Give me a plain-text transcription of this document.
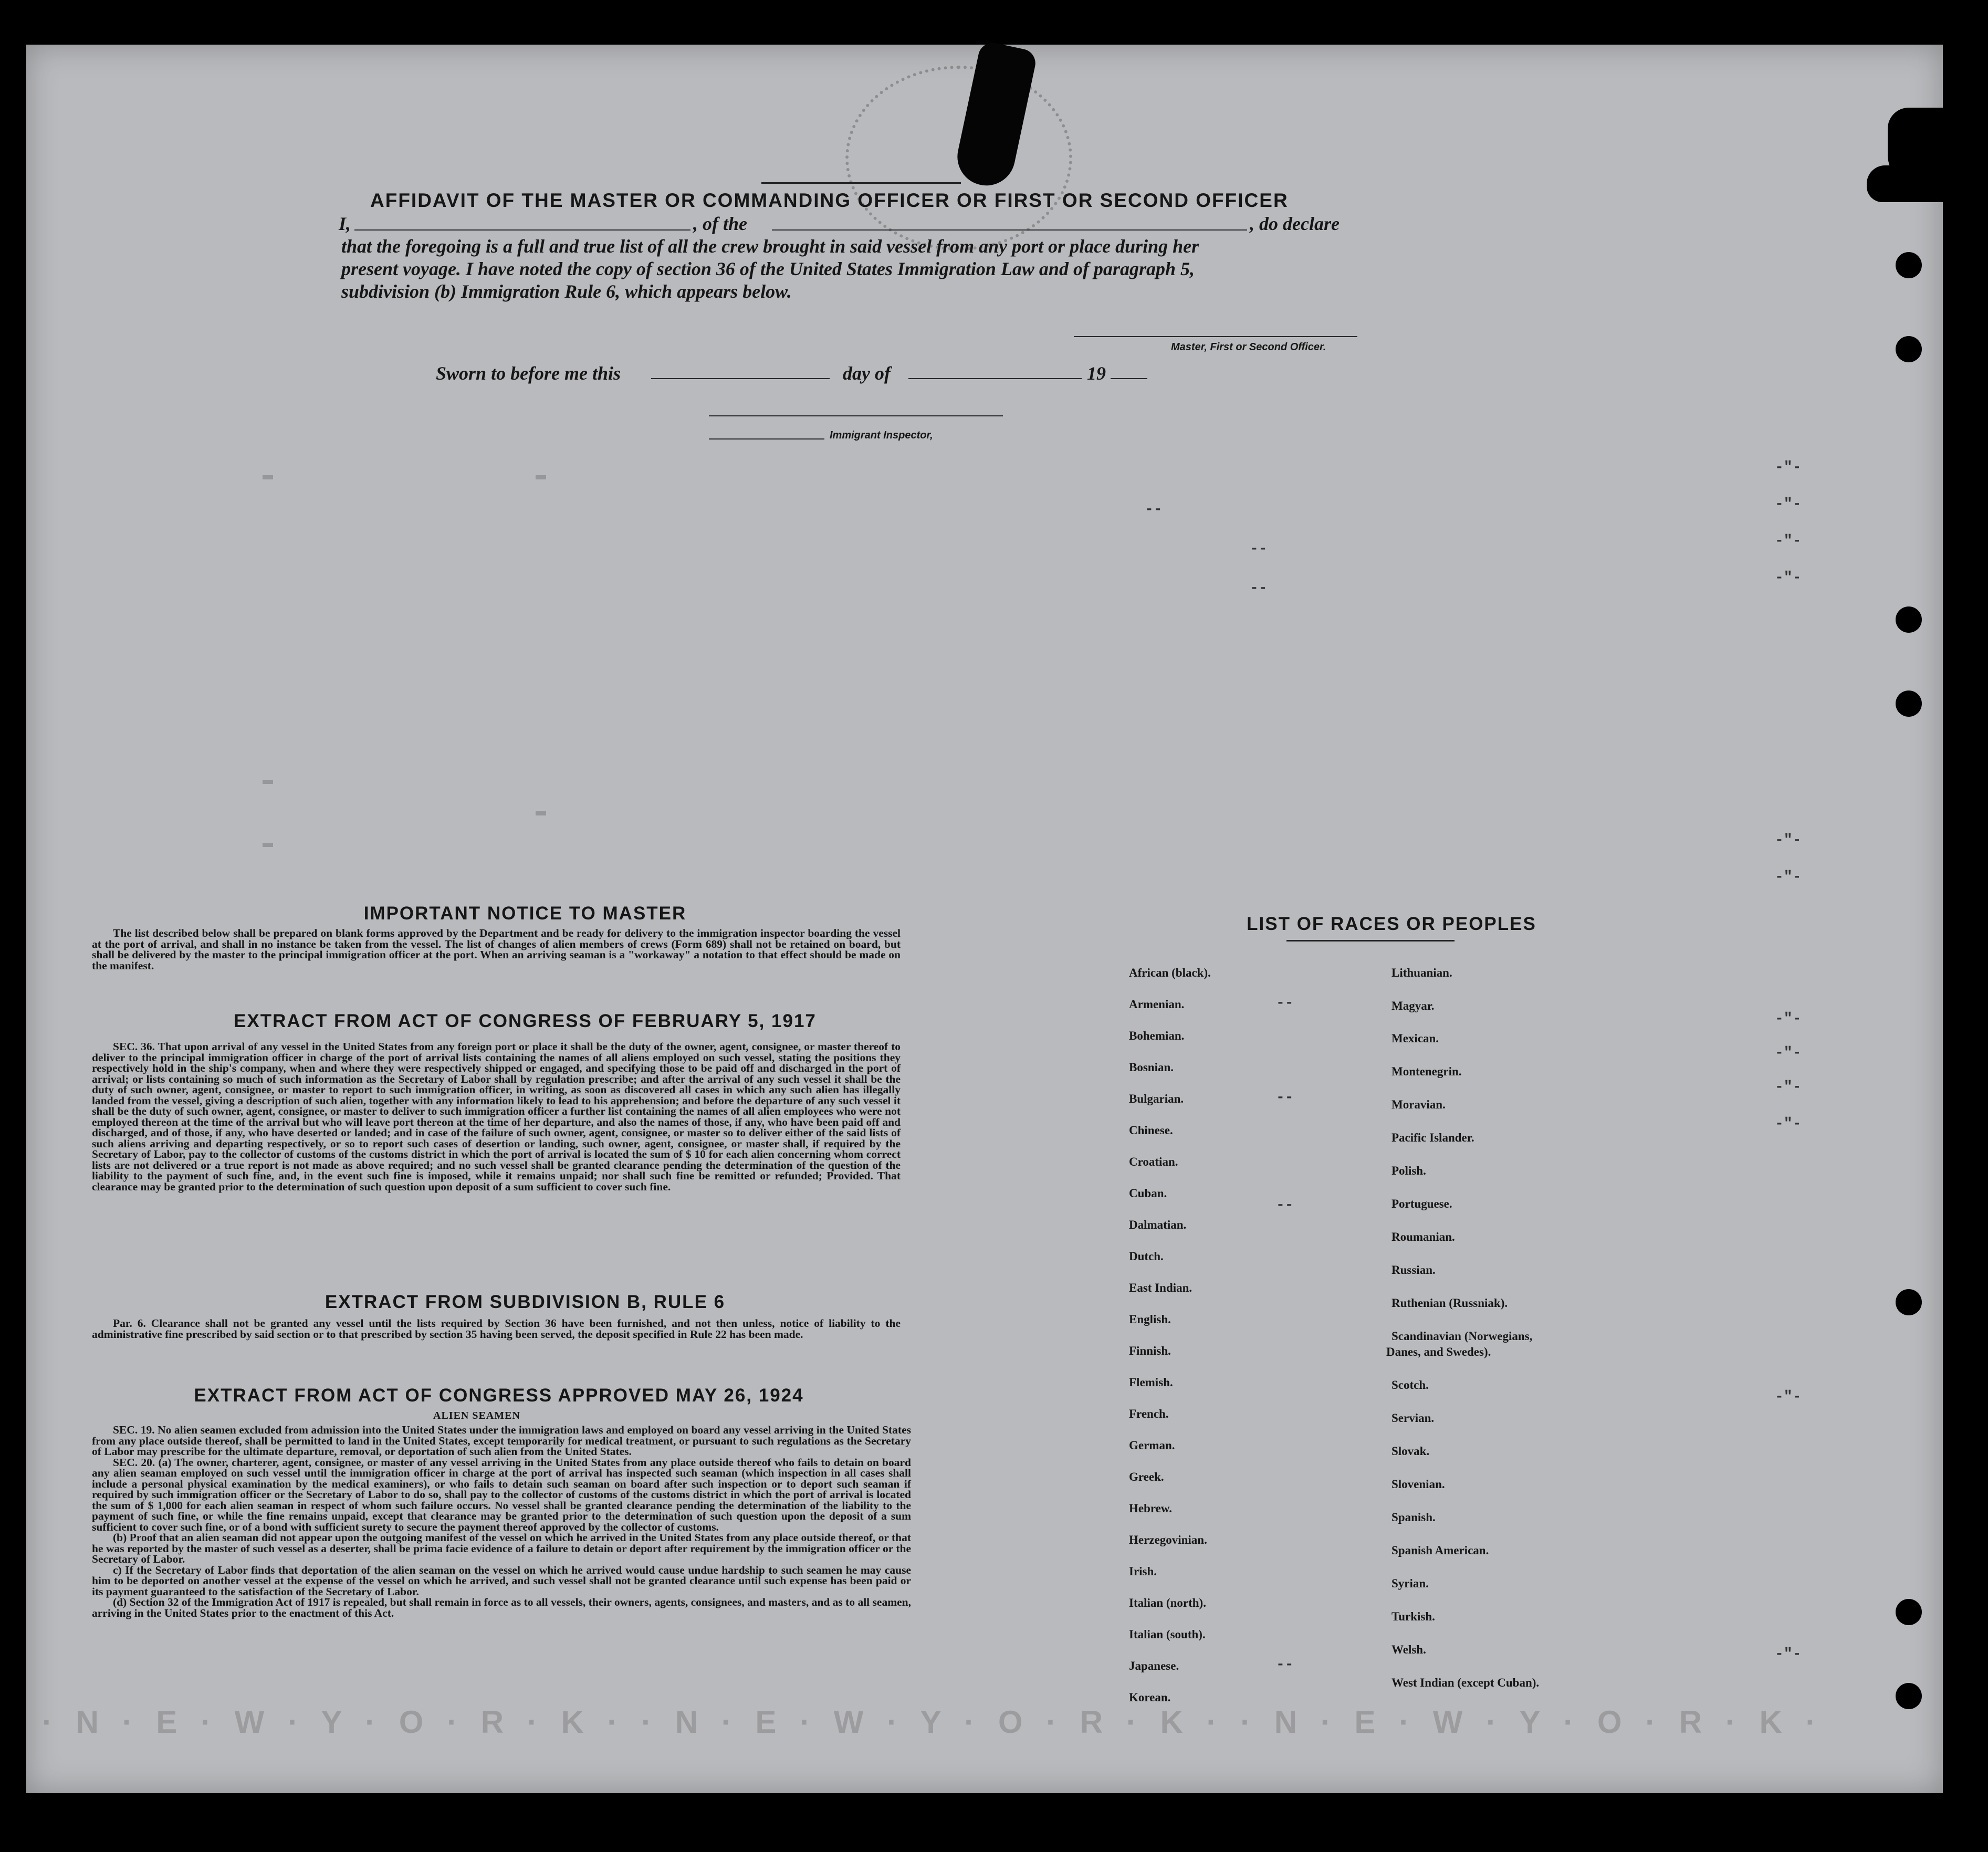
AFFIDAVIT OF THE MASTER OR COMMANDING OFFICER OR FIRST OR SECOND OFFICER
I,	, of the	, do declare
that the foregoing is a full and true list of all the crew brought in said vessel from any port or place during her
present voyage. I have noted the copy of section 36 of the United States Immigration Law and of paragraph 5,
subdivision (b) Immigration Rule 6, which appears below.
Master, First or Second Officer.
Sworn to before me this	day of	19
Immigrant Inspector,
--
--
--
-"-
-"-
-"-
-"-
-"-
-"-
-"-
-"-
-"-
-"-
-"-
-"-
--
--
--
--
IMPORTANT NOTICE TO MASTER

The list described below shall be prepared on blank forms approved by the Department and be ready for delivery to the immigration inspector boarding the vessel at the port of arrival, and shall in no instance be taken from the vessel. The list of changes of alien members of crews (Form 689) shall not be retained on board, but shall be delivered by the master to the principal immigration officer at the port. When an arriving seaman is a "workaway" a notation to that effect should be made on the manifest.

EXTRACT FROM ACT OF CONGRESS OF FEBRUARY 5, 1917

SEC. 36. That upon arrival of any vessel in the United States from any foreign port or place it shall be the duty of the owner, agent, consignee, or master thereof to deliver to the principal immigration officer in charge of the port of arrival lists containing the names of all aliens employed on such vessel, stating the positions they respectively hold in the ship's company, when and where they were respectively shipped or engaged, and specifying those to be paid off and discharged in the port of arrival; or lists containing so much of such information as the Secretary of Labor shall by regulation prescribe; and after the arrival of any such vessel it shall be the duty of such owner, agent, consignee, or master to report to such immigration officer, in writing, as soon as discovered all cases in which any such alien has illegally landed from the vessel, giving a description of such alien, together with any information likely to lead to his apprehension; and before the departure of any such vessel it shall be the duty of such owner, agent, consignee, or master to deliver to such immigration officer a further list containing the names of all alien employees who were not employed thereon at the time of the arrival but who will leave port thereon at the time of her departure, and also the names of those, if any, who have been paid off and discharged, and of those, if any, who have deserted or landed; and in case of the failure of such owner, agent, consignee, or master so to deliver either of the said lists of such aliens arriving and departing respectively, or so to report such cases of desertion or landing, such owner, agent, consignee, or master shall, if required by the Secretary of Labor, pay to the collector of customs of the customs district in which the port of arrival is located the sum of $ 10 for each alien concerning whom correct lists are not delivered or a true report is not made as above required; and no such vessel shall be granted clearance pending the determination of the question of the liability to the payment of such fine, and, in the event such fine is imposed, while it remains unpaid; nor shall such fine be remitted or refunded; Provided. That clearance may be granted prior to the determination of such question upon deposit of a sum sufficient to cover such fine.

EXTRACT FROM SUBDIVISION B, RULE 6

Par. 6. Clearance shall not be granted any vessel until the lists required by Section 36 have been furnished, and not then unless, notice of liability to the administrative fine prescribed by said section or to that prescribed by section 35 having been served, the deposit specified in Rule 22 has been made.

EXTRACT FROM ACT OF CONGRESS APPROVED MAY 26, 1924
ALIEN SEAMEN

SEC. 19. No alien seamen excluded from admission into the United States under the immigration laws and employed on board any vessel arriving in the United States from any place outside thereof, shall be permitted to land in the United States, except temporarily for medical treatment, or pursuant to such regulations as the Secretary of Labor may prescribe for the ultimate departure, removal, or deportation of such alien from the United States.

SEC. 20. (a) The owner, charterer, agent, consignee, or master of any vessel arriving in the United States from any place outside thereof who fails to detain on board any alien seaman employed on such vessel until the immigration officer in charge at the port of arrival has inspected such seaman (which inspection in all cases shall include a personal physical examination by the medical examiners), or who fails to detain such seaman on board after such inspection or to deport such seaman if required by such immigration officer or the Secretary of Labor to do so, shall pay to the collector of customs of the customs district in which the port of arrival is located the sum of $ 1,000 for each alien seaman in respect of whom such failure occurs. No vessel shall be granted clearance pending the determination of the liability to the payment of such fine, or while the fine remains unpaid, except that clearance may be granted prior to the determination of such question upon the deposit of a sum sufficient to cover such fine, or of a bond with sufficient surety to secure the payment thereof approved by the collector of customs.

(b) Proof that an alien seaman did not appear upon the outgoing manifest of the vessel on which he arrived in the United States from any place outside thereof, or that he was reported by the master of such vessel as a deserter, shall be prima facie evidence of a failure to detain or deport after requirement by the immigration officer or the Secretary of Labor.

c) If the Secretary of Labor finds that deportation of the alien seaman on the vessel on which he arrived would cause undue hardship to such seamen he may cause him to be deported on another vessel at the expense of the vessel on which he arrived, and such vessel shall not be granted clearance until such expense has been paid or its payment guaranteed to the satisfaction of the Secretary of Labor.

(d) Section 32 of the Immigration Act of 1917 is repealed, but shall remain in force as to all vessels, their owners, agents, consignees, and masters, and as to all seamen, arriving in the United States prior to the enactment of this Act.

LIST OF RACES OR PEOPLES
· N · E · W · Y · O · R · K · · N · E · W · Y · O · R · K · · N · E · W · Y · O · R · K ·
African (black).
Armenian.
Bohemian.
Bosnian.
Bulgarian.
Chinese.
Croatian.
Cuban.
Dalmatian.
Dutch.
East Indian.
English.
Finnish.
Flemish.
French.
German.
Greek.
Hebrew.
Herzegovinian.
Irish.
Italian (north).
Italian (south).
Japanese.
Korean.
Lithuanian.
Magyar.
Mexican.
Montenegrin.
Moravian.
Pacific Islander.
Polish.
Portuguese.
Roumanian.
Russian.
Ruthenian (Russniak).
Scandinavian (Norwegians,
Danes, and Swedes).
Scotch.
Servian.
Slovak.
Slovenian.
Spanish.
Spanish American.
Syrian.
Turkish.
Welsh.
West Indian (except Cuban).
